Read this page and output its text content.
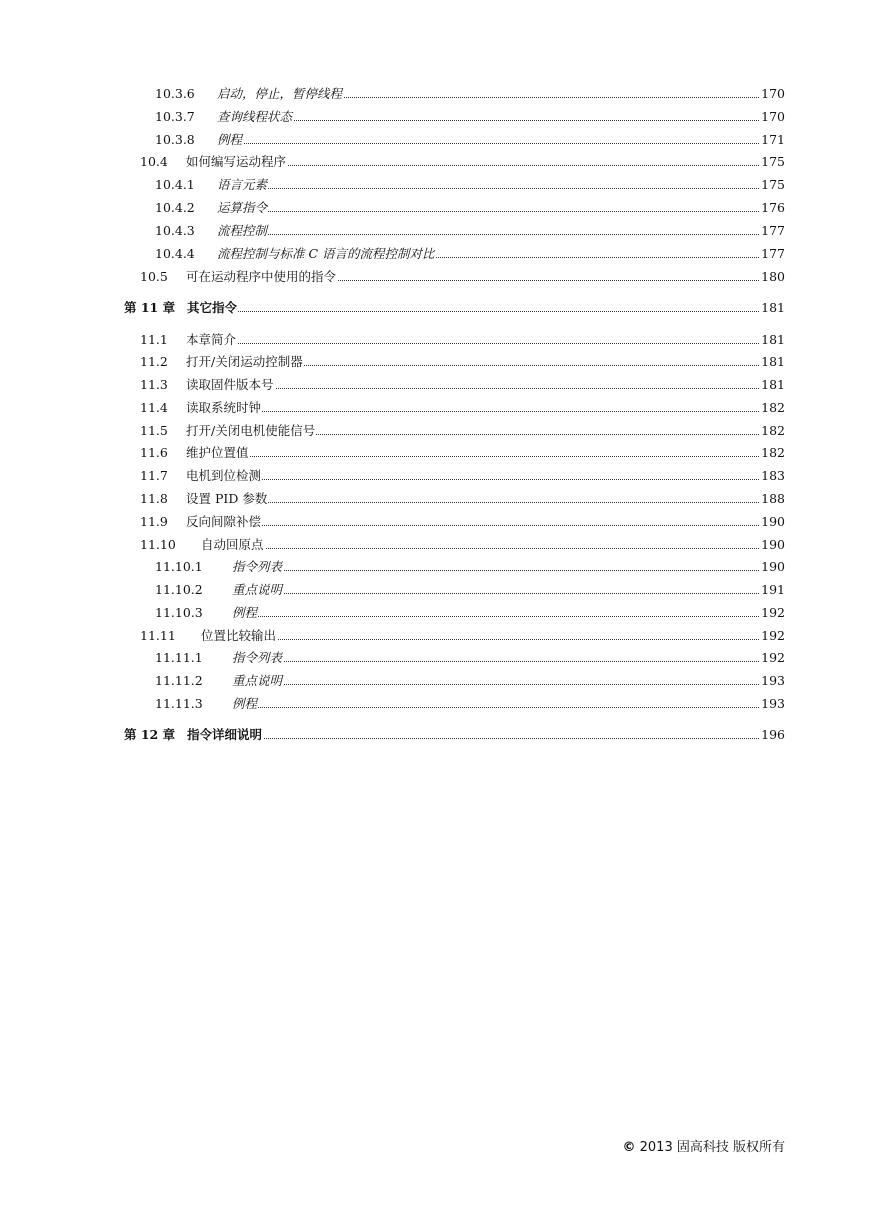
10.3.6 启动，停止，暂停线程	170
10.3.7 查询线程状态	170
10.3.8 例程	171
10.4 如何编写运动程序	175
10.4.1 语言元素	175
10.4.2 运算指令	176
10.4.3 流程控制	177
10.4.4 流程控制与标准 C 语言的流程控制对比	177
10.5 可在运动程序中使用的指令	180
第 11 章 其它指令	181
11.1 本章简介	181
11.2 打开/关闭运动控制器	181
11.3 读取固件版本号	181
11.4 读取系统时钟	182
11.5 打开/关闭电机使能信号	182
11.6 维护位置值	182
11.7 电机到位检测	183
11.8 设置 PID 参数	188
11.9 反向间隙补偿	190
11.10 自动回原点	190
11.10.1 指令列表	190
11.10.2 重点说明	191
11.10.3 例程	192
11.11 位置比较输出	192
11.11.1 指令列表	192
11.11.2 重点说明	193
11.11.3 例程	193
第 12 章 指令详细说明	196
© 2013 固高科技 版权所有
